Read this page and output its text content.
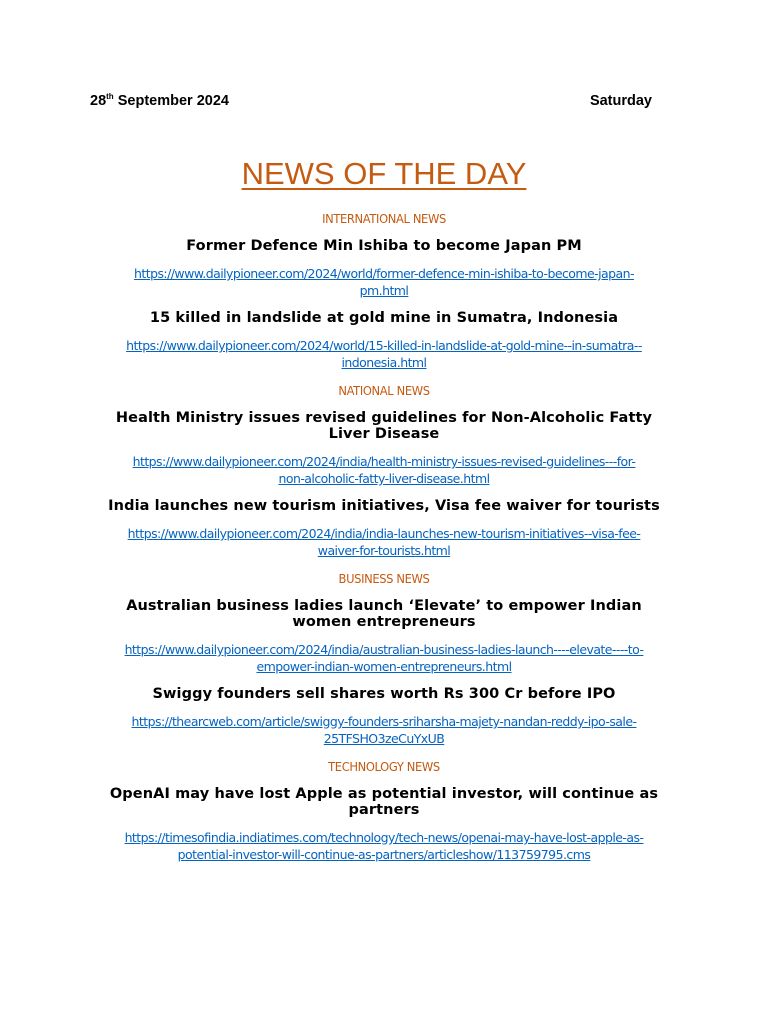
28th September 2024	Saturday
NEWS OF THE DAY
INTERNATIONAL NEWS
Former Defence Min Ishiba to become Japan PM
https://www.dailypioneer.com/2024/world/former-defence-min-ishiba-to-become-japan-
pm.html
15 killed in landslide at gold mine in Sumatra, Indonesia
https://www.dailypioneer.com/2024/world/15-killed-in-landslide-at-gold-mine--in-sumatra--
indonesia.html
NATIONAL NEWS
Health Ministry issues revised guidelines for Non-Alcoholic Fatty Liver Disease
https://www.dailypioneer.com/2024/india/health-ministry-issues-revised-guidelines---for-
non-alcoholic-fatty-liver-disease.html
India launches new tourism initiatives, Visa fee waiver for tourists
https://www.dailypioneer.com/2024/india/india-launches-new-tourism-initiatives--visa-fee-
waiver-for-tourists.html
BUSINESS NEWS
Australian business ladies launch ‘Elevate’ to empower Indian women entrepreneurs
https://www.dailypioneer.com/2024/india/australian-business-ladies-launch----elevate----to-
empower-indian-women-entrepreneurs.html
Swiggy founders sell shares worth Rs 300 Cr before IPO
https://thearcweb.com/article/swiggy-founders-sriharsha-majety-nandan-reddy-ipo-sale-
25TFSHO3zeCuYxUB
TECHNOLOGY NEWS
OpenAI may have lost Apple as potential investor, will continue as partners
https://timesofindia.indiatimes.com/technology/tech-news/openai-may-have-lost-apple-as-
potential-investor-will-continue-as-partners/articleshow/113759795.cms
